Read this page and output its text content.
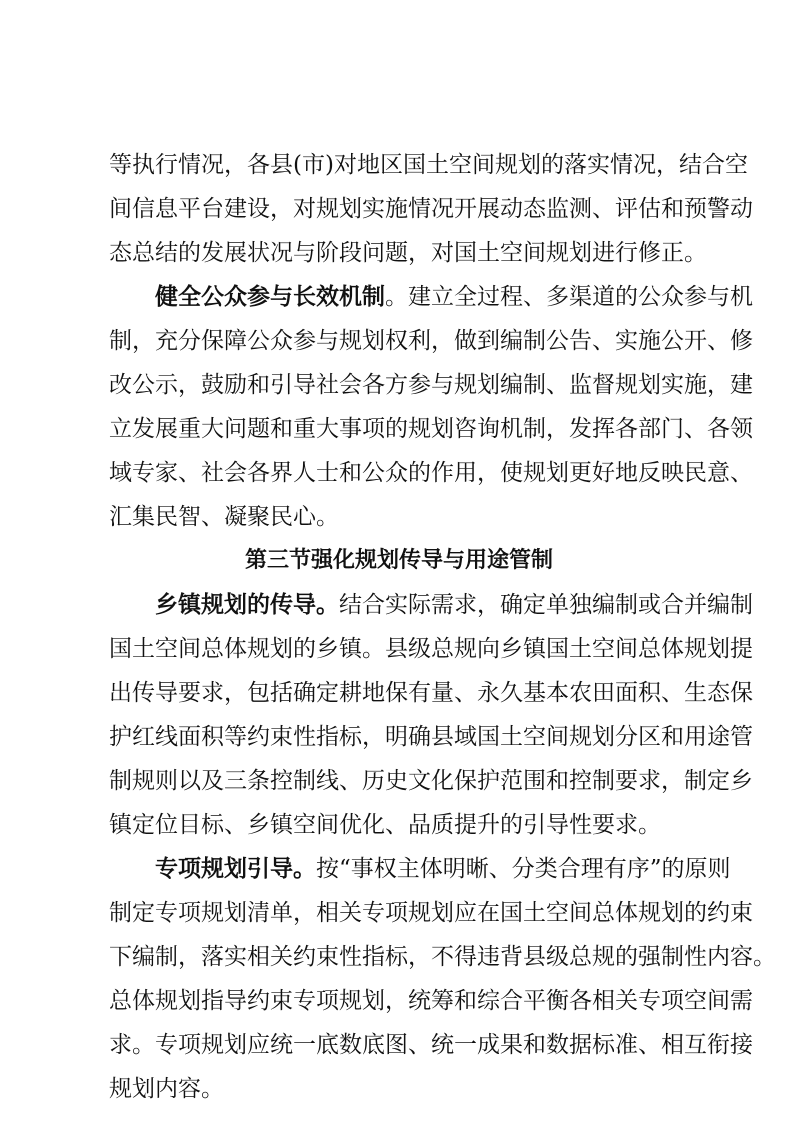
等执行情况，各县(市)对地区国土空间规划的落实情况，结合空
间信息平台建设，对规划实施情况开展动态监测、评估和预警动
态总结的发展状况与阶段问题，对国土空间规划进行修正。
健全公众参与长效机制。建立全过程、多渠道的公众参与机
制，充分保障公众参与规划权利，做到编制公告、实施公开、修
改公示，鼓励和引导社会各方参与规划编制、监督规划实施，建
立发展重大问题和重大事项的规划咨询机制，发挥各部门、各领
域专家、社会各界人士和公众的作用，使规划更好地反映民意、
汇集民智、凝聚民心。
第三节强化规划传导与用途管制
乡镇规划的传导。结合实际需求，确定单独编制或合并编制
国土空间总体规划的乡镇。县级总规向乡镇国土空间总体规划提
出传导要求，包括确定耕地保有量、永久基本农田面积、生态保
护红线面积等约束性指标，明确县域国土空间规划分区和用途管
制规则以及三条控制线、历史文化保护范围和控制要求，制定乡
镇定位目标、乡镇空间优化、品质提升的引导性要求。
专项规划引导。按“事权主体明晰、分类合理有序”的原则
制定专项规划清单，相关专项规划应在国土空间总体规划的约束
下编制，落实相关约束性指标，不得违背县级总规的强制性内容。
总体规划指导约束专项规划，统筹和综合平衡各相关专项空间需
求。专项规划应统一底数底图、统一成果和数据标准、相互衔接
规划内容。
